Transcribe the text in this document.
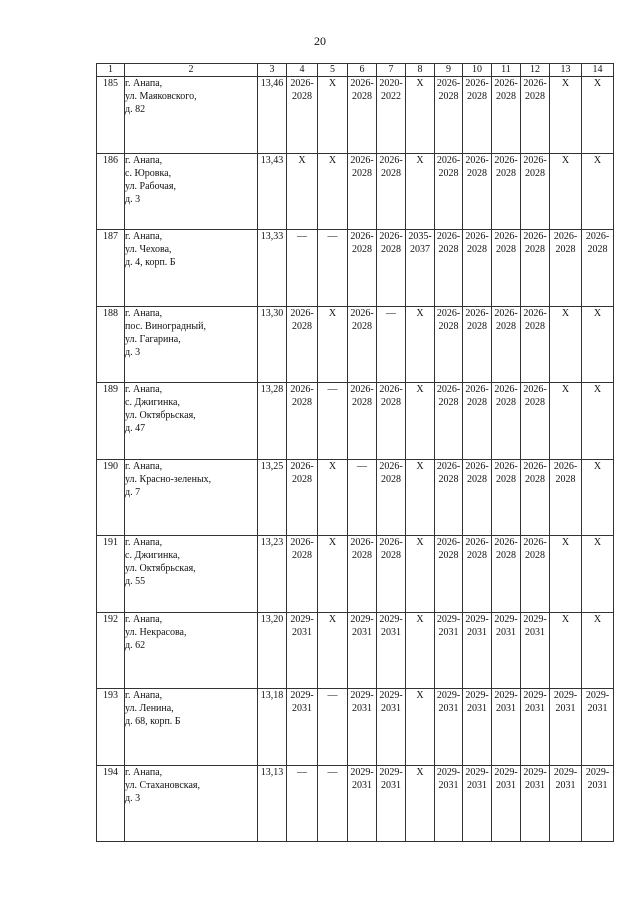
20
1	2	3	4	5	6	7	8	9	10	11	12	13	14
185	г. Анапа,
ул. Маяковского,
д. 82	13,46	2026-2028	Х	2026-2028	2020-2022	Х	2026-2028	2026-2028	2026-2028	2026-2028	Х	Х
186	г. Анапа,
с. Юровка,
ул. Рабочая,
д. 3	13,43	Х	Х	2026-2028	2026-2028	Х	2026-2028	2026-2028	2026-2028	2026-2028	Х	Х
187	г. Анапа,
ул. Чехова,
д. 4, корп. Б	13,33	—	—	2026-2028	2026-2028	2035-2037	2026-2028	2026-2028	2026-2028	2026-2028	2026-2028	2026-2028
188	г. Анапа,
пос. Виноградный,
ул. Гагарина,
д. 3	13,30	2026-2028	Х	2026-2028	—	Х	2026-2028	2026-2028	2026-2028	2026-2028	Х	Х
189	г. Анапа,
с. Джигинка,
ул. Октябрьская,
д. 47	13,28	2026-2028	—	2026-2028	2026-2028	Х	2026-2028	2026-2028	2026-2028	2026-2028	Х	Х
190	г. Анапа,
ул. Красно-зеленых,
д. 7	13,25	2026-2028	Х	—	2026-2028	Х	2026-2028	2026-2028	2026-2028	2026-2028	2026-2028	Х
191	г. Анапа,
с. Джигинка,
ул. Октябрьская,
д. 55	13,23	2026-2028	Х	2026-2028	2026-2028	Х	2026-2028	2026-2028	2026-2028	2026-2028	Х	Х
192	г. Анапа,
ул. Некрасова,
д. 62	13,20	2029-2031	Х	2029-2031	2029-2031	Х	2029-2031	2029-2031	2029-2031	2029-2031	Х	Х
193	г. Анапа,
ул. Ленина,
д. 68, корп. Б	13,18	2029-2031	—	2029-2031	2029-2031	Х	2029-2031	2029-2031	2029-2031	2029-2031	2029-2031	2029-2031
194	г. Анапа,
ул. Стахановская,
д. 3	13,13	—	—	2029-2031	2029-2031	Х	2029-2031	2029-2031	2029-2031	2029-2031	2029-2031	2029-2031
